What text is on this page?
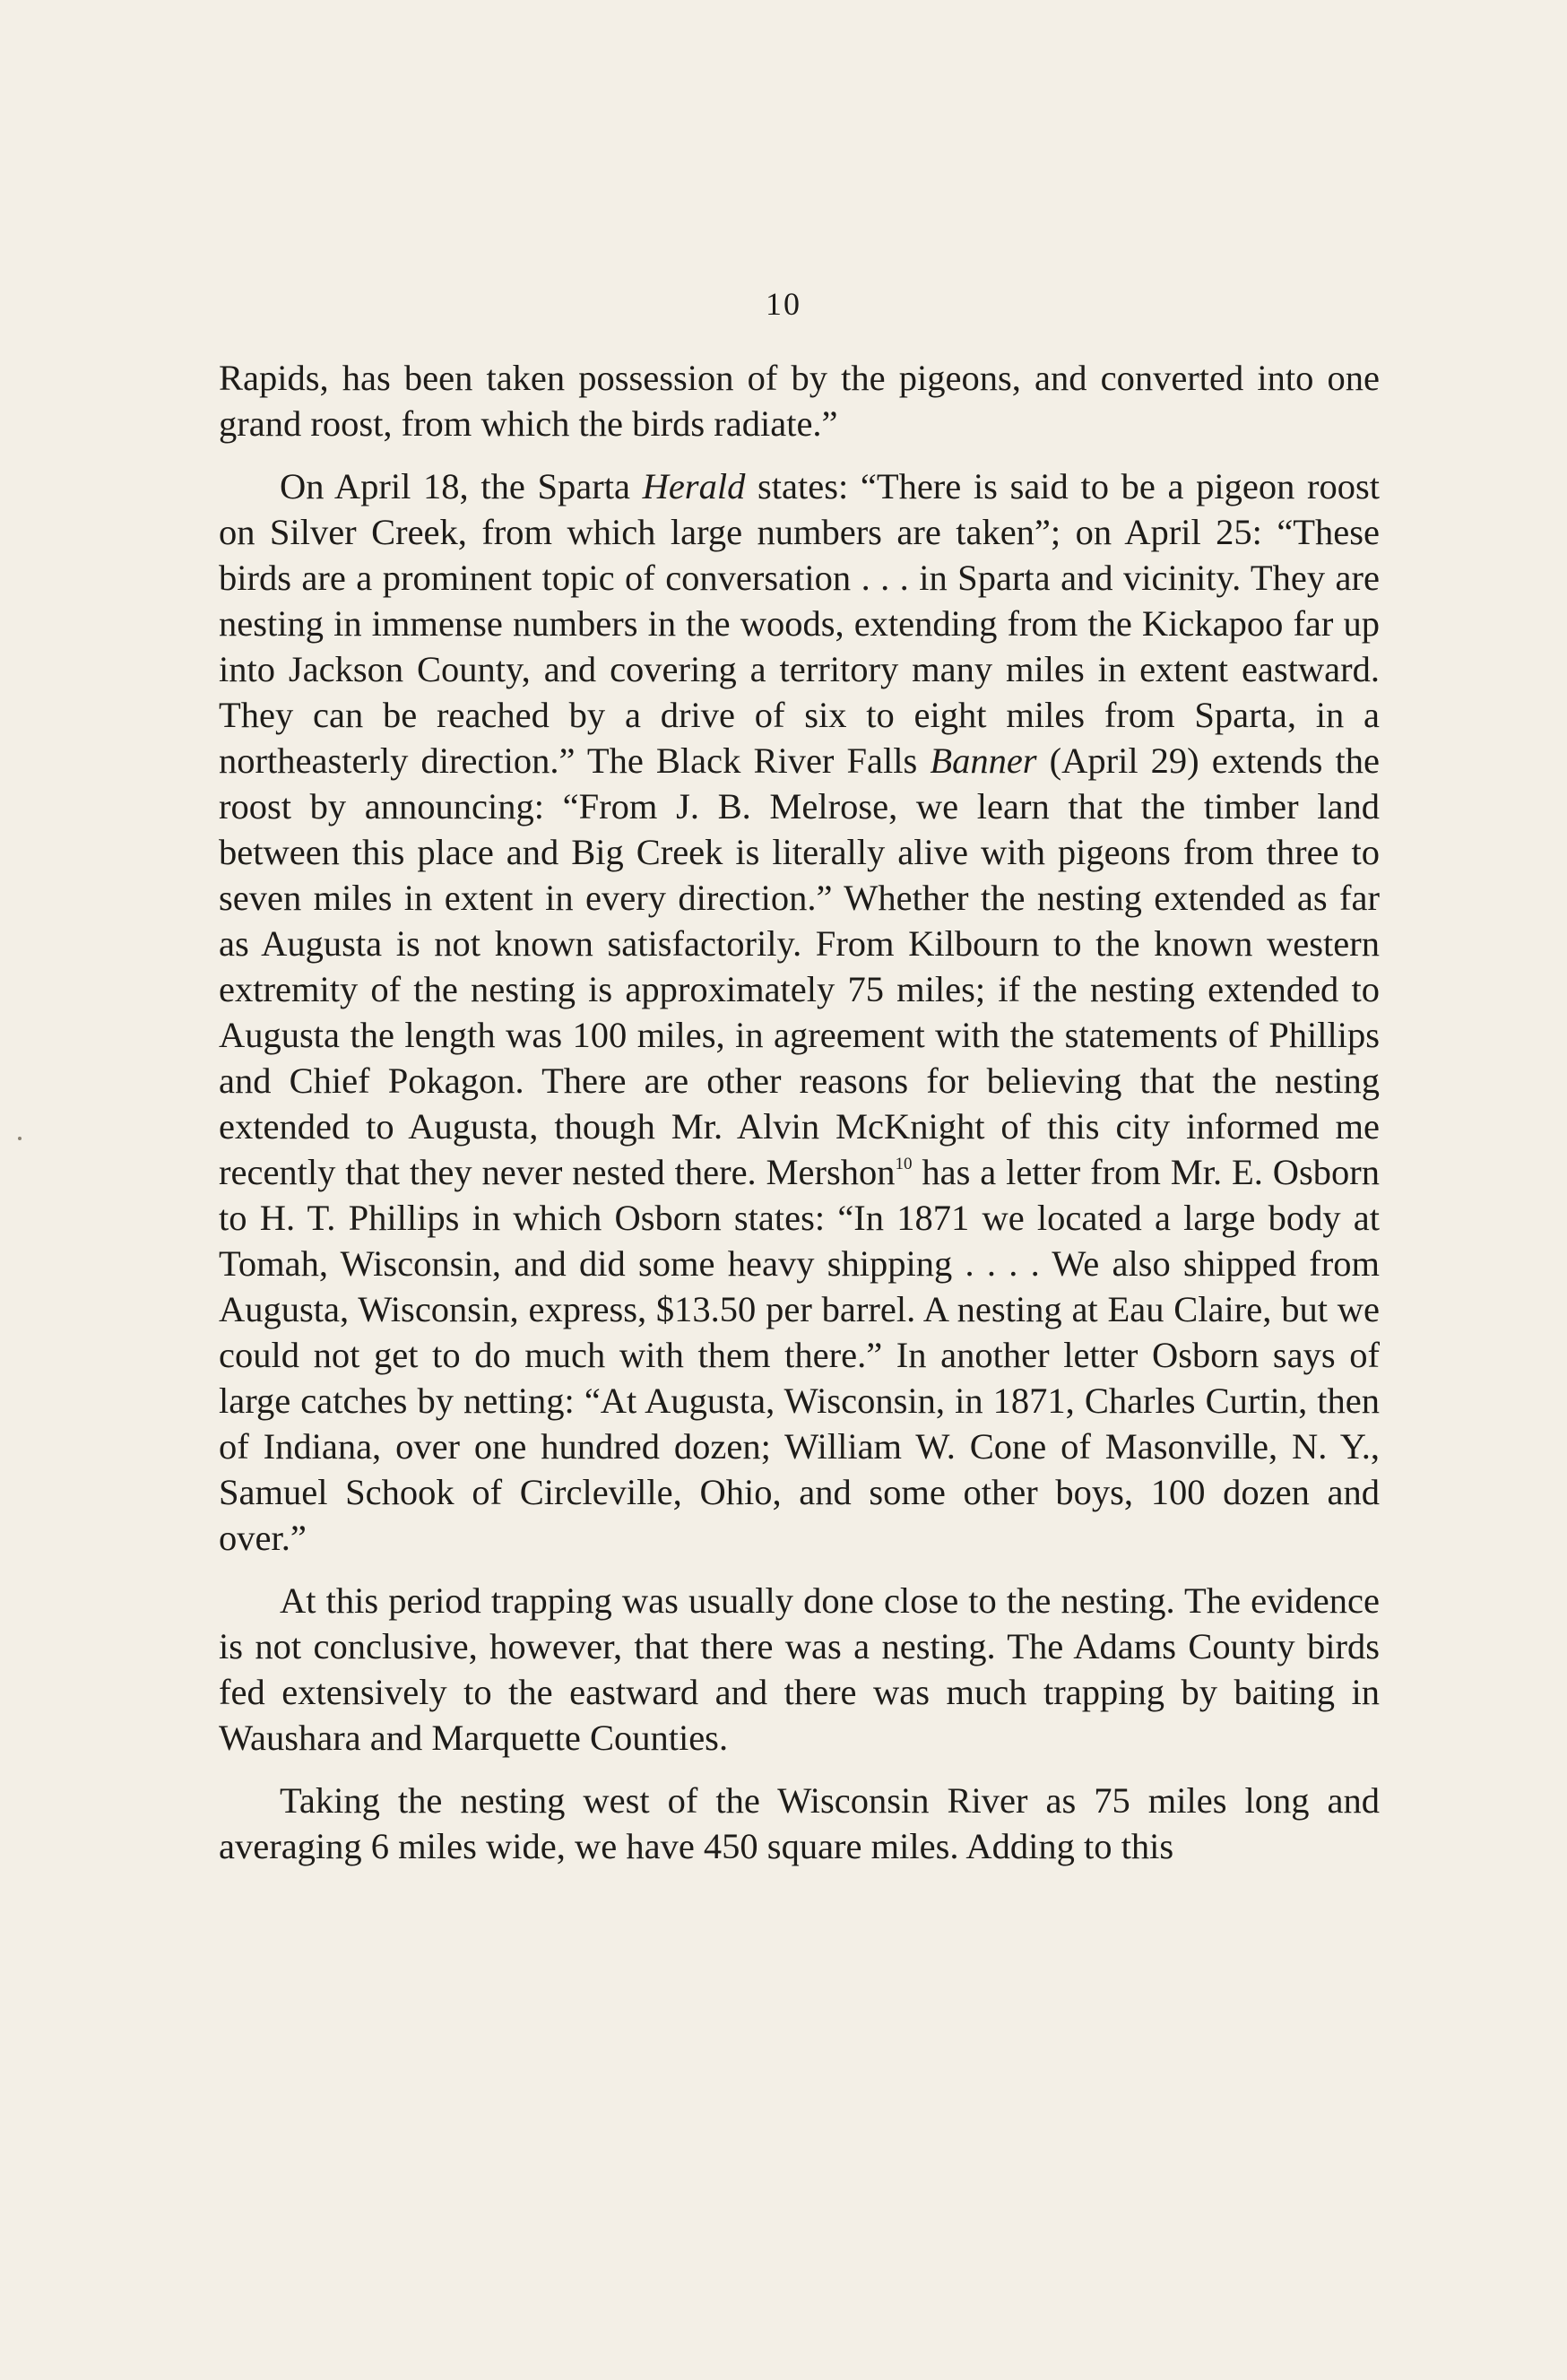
10

Rapids, has been taken possession of by the pigeons, and converted into one grand roost, from which the birds radiate.”

On April 18, the Sparta Herald states: “There is said to be a pigeon roost on Silver Creek, from which large numbers are taken”; on April 25: “These birds are a prominent topic of conversation . . . in Sparta and vicinity. They are nesting in immense numbers in the woods, extending from the Kickapoo far up into Jackson County, and covering a territory many miles in extent eastward. They can be reached by a drive of six to eight miles from Sparta, in a northeasterly direction.” The Black River Falls Banner (April 29) extends the roost by announcing: “From J. B. Melrose, we learn that the timber land between this place and Big Creek is literally alive with pigeons from three to seven miles in extent in every direction.” Whether the nesting extended as far as Augusta is not known satisfactorily. From Kilbourn to the known western extremity of the nesting is approximately 75 miles; if the nesting extended to Augusta the length was 100 miles, in agreement with the statements of Phillips and Chief Pokagon. There are other reasons for believing that the nesting extended to Augusta, though Mr. Alvin McKnight of this city informed me recently that they never nested there. Mershon$^{10}$ has a letter from Mr. E. Osborn to H. T. Phillips in which Osborn states: “In 1871 we located a large body at Tomah, Wisconsin, and did some heavy shipping . . . . We also shipped from Augusta, Wisconsin, express, $13.50 per barrel. A nesting at Eau Claire, but we could not get to do much with them there.” In another letter Osborn says of large catches by netting: “At Augusta, Wisconsin, in 1871, Charles Curtin, then of Indiana, over one hundred dozen; William W. Cone of Masonville, N. Y., Samuel Schook of Circleville, Ohio, and some other boys, 100 dozen and over.”

At this period trapping was usually done close to the nesting. The evidence is not conclusive, however, that there was a nesting. The Adams County birds fed extensively to the eastward and there was much trapping by baiting in Waushara and Marquette Counties.

Taking the nesting west of the Wisconsin River as 75 miles long and averaging 6 miles wide, we have 450 square miles. Adding to this
